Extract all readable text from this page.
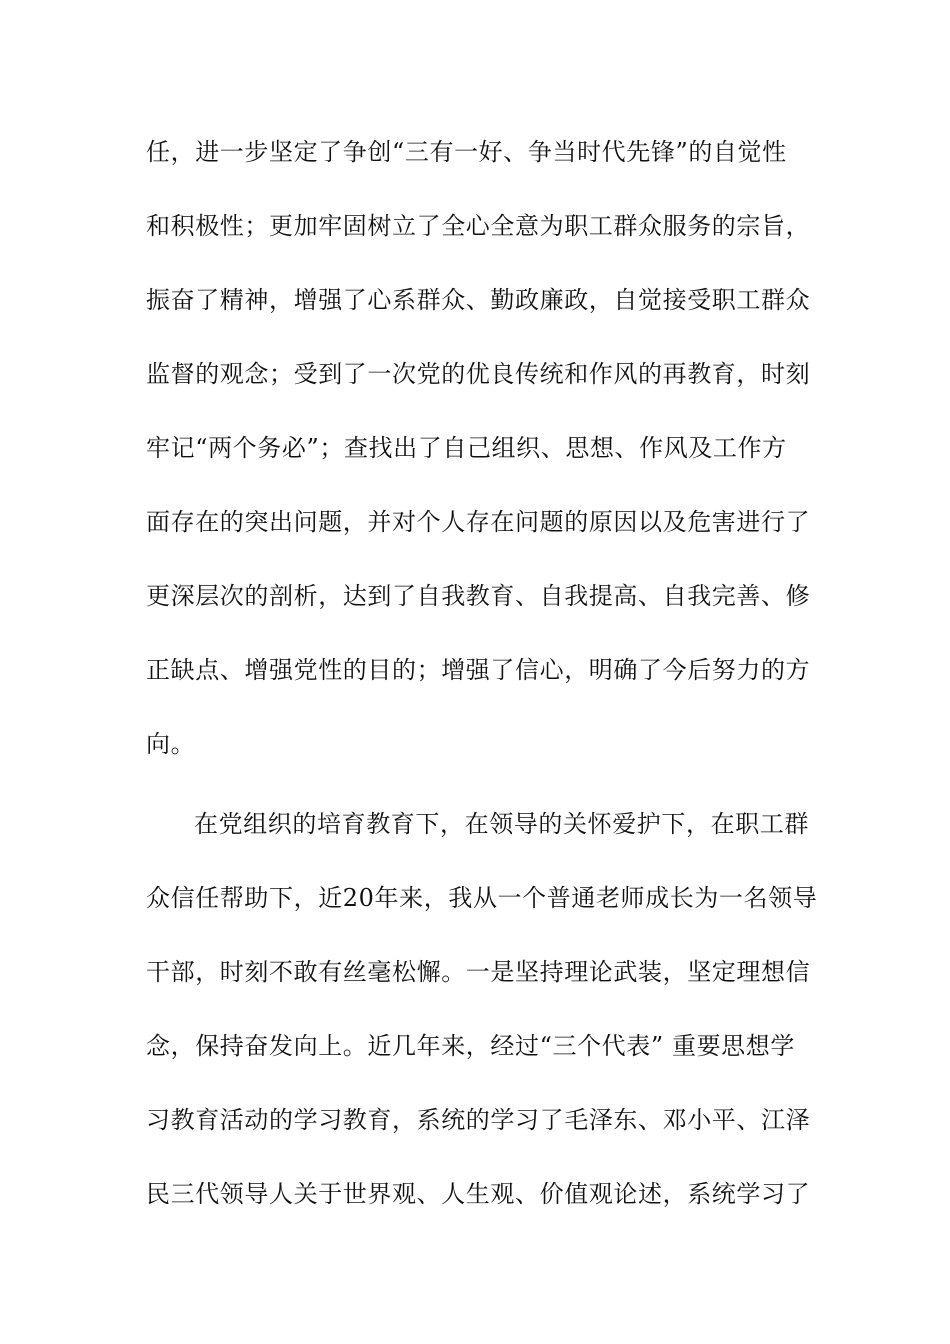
任，进一步坚定了争创“三有一好、争当时代先锋”的自觉性
和积极性；更加牢固树立了全心全意为职工群众服务的宗旨，
振奋了精神，增强了心系群众、勤政廉政，自觉接受职工群众
监督的观念；受到了一次党的优良传统和作风的再教育，时刻
牢记“两个务必”；查找出了自己组织、思想、作风及工作方
面存在的突出问题，并对个人存在问题的原因以及危害进行了
更深层次的剖析，达到了自我教育、自我提高、自我完善、修
正缺点、增强党性的目的；增强了信心，明确了今后努力的方
向。
在党组织的培育教育下，在领导的关怀爱护下，在职工群
众信任帮助下，近20年来，我从一个普通老师成长为一名领导
干部，时刻不敢有丝毫松懈。一是坚持理论武装，坚定理想信
念，保持奋发向上。近几年来，经过“三个代表” 重要思想学
习教育活动的学习教育，系统的学习了毛泽东、邓小平、江泽
民三代领导人关于世界观、人生观、价值观论述，系统学习了
